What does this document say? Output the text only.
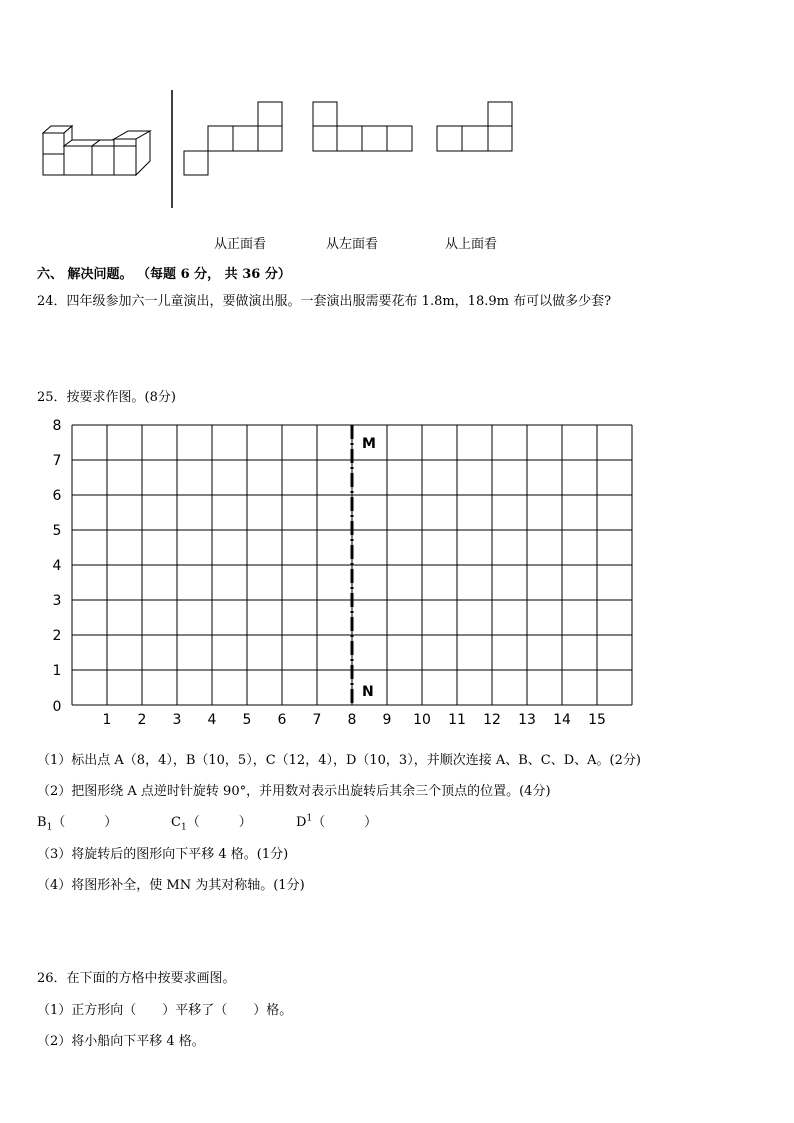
从正面看	从左面看	从上面看
六、 解决问题。 （每题 6 分， 共 36 分）
24．四年级参加六一儿童演出，要做演出服。一套演出服需要花布 1.8m，18.9m 布可以做多少套?
25．按要求作图。(8分)
M
N
1 2 3 4 5 6 7 8 9 10 11 12 13 14 15
8
7
6
5
4
3
2
1
0
（1）标出点 A（8，4），B（10，5），C（12，4），D（10，3），并顺次连接 A、B、C、D、A。(2分)
（2）把图形绕 A 点逆时针旋转 90°，并用数对表示出旋转后其余三个顶点的位置。(4分)
$B_1$（　　　）	$C_1$（　　　）	$D^1$（　　　）
（3）将旋转后的图形向下平移 4 格。(1分)
（4）将图形补全，使 MN 为其对称轴。(1分)
26．在下面的方格中按要求画图。
（1）正方形向（　　）平移了（　　）格。
（2）将小船向下平移 4 格。
